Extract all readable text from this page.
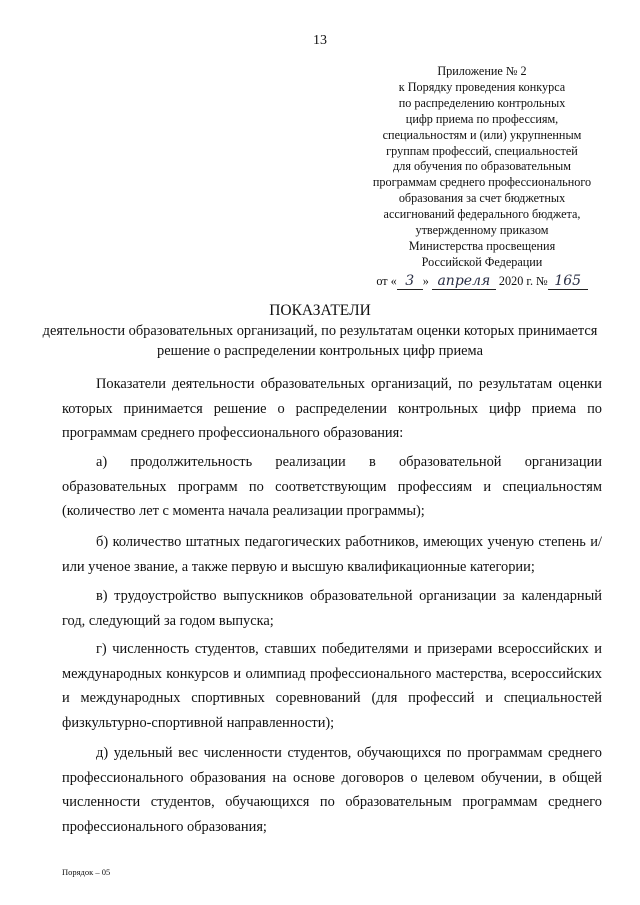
13
Приложение № 2
к Порядку проведения конкурса
по распределению контрольных
цифр приема по профессиям,
специальностям и (или) укрупненным
группам профессий, специальностей
для обучения по образовательным
программам среднего профессионального
образования за счет бюджетных
ассигнований федерального бюджета,
утвержденному приказом
Министерства просвещения
Российской Федерации
от « 3 » апреля 2020 г. № 165
ПОКАЗАТЕЛИ
деятельности образовательных организаций, по результатам оценки которых принимается решение о распределении контрольных цифр приема
Показатели деятельности образовательных организаций, по результатам оценки которых принимается решение о распределении контрольных цифр приема по программам среднего профессионального образования:
а) продолжительность реализации в образовательной организации образовательных программ по соответствующим профессиям и специальностям (количество лет с момента начала реализации программы);
б) количество штатных педагогических работников, имеющих ученую степень и/или ученое звание, а также первую и высшую квалификационные категории;
в) трудоустройство выпускников образовательной организации за календарный год, следующий за годом выпуска;
г) численность студентов, ставших победителями и призерами всероссийских и международных конкурсов и олимпиад профессионального мастерства, всероссийских и международных спортивных соревнований (для профессий и специальностей физкультурно-спортивной направленности);
д) удельный вес численности студентов, обучающихся по программам среднего профессионального образования на основе договоров о целевом обучении, в общей численности студентов, обучающихся по образовательным программам среднего профессионального образования;
Порядок – 05
